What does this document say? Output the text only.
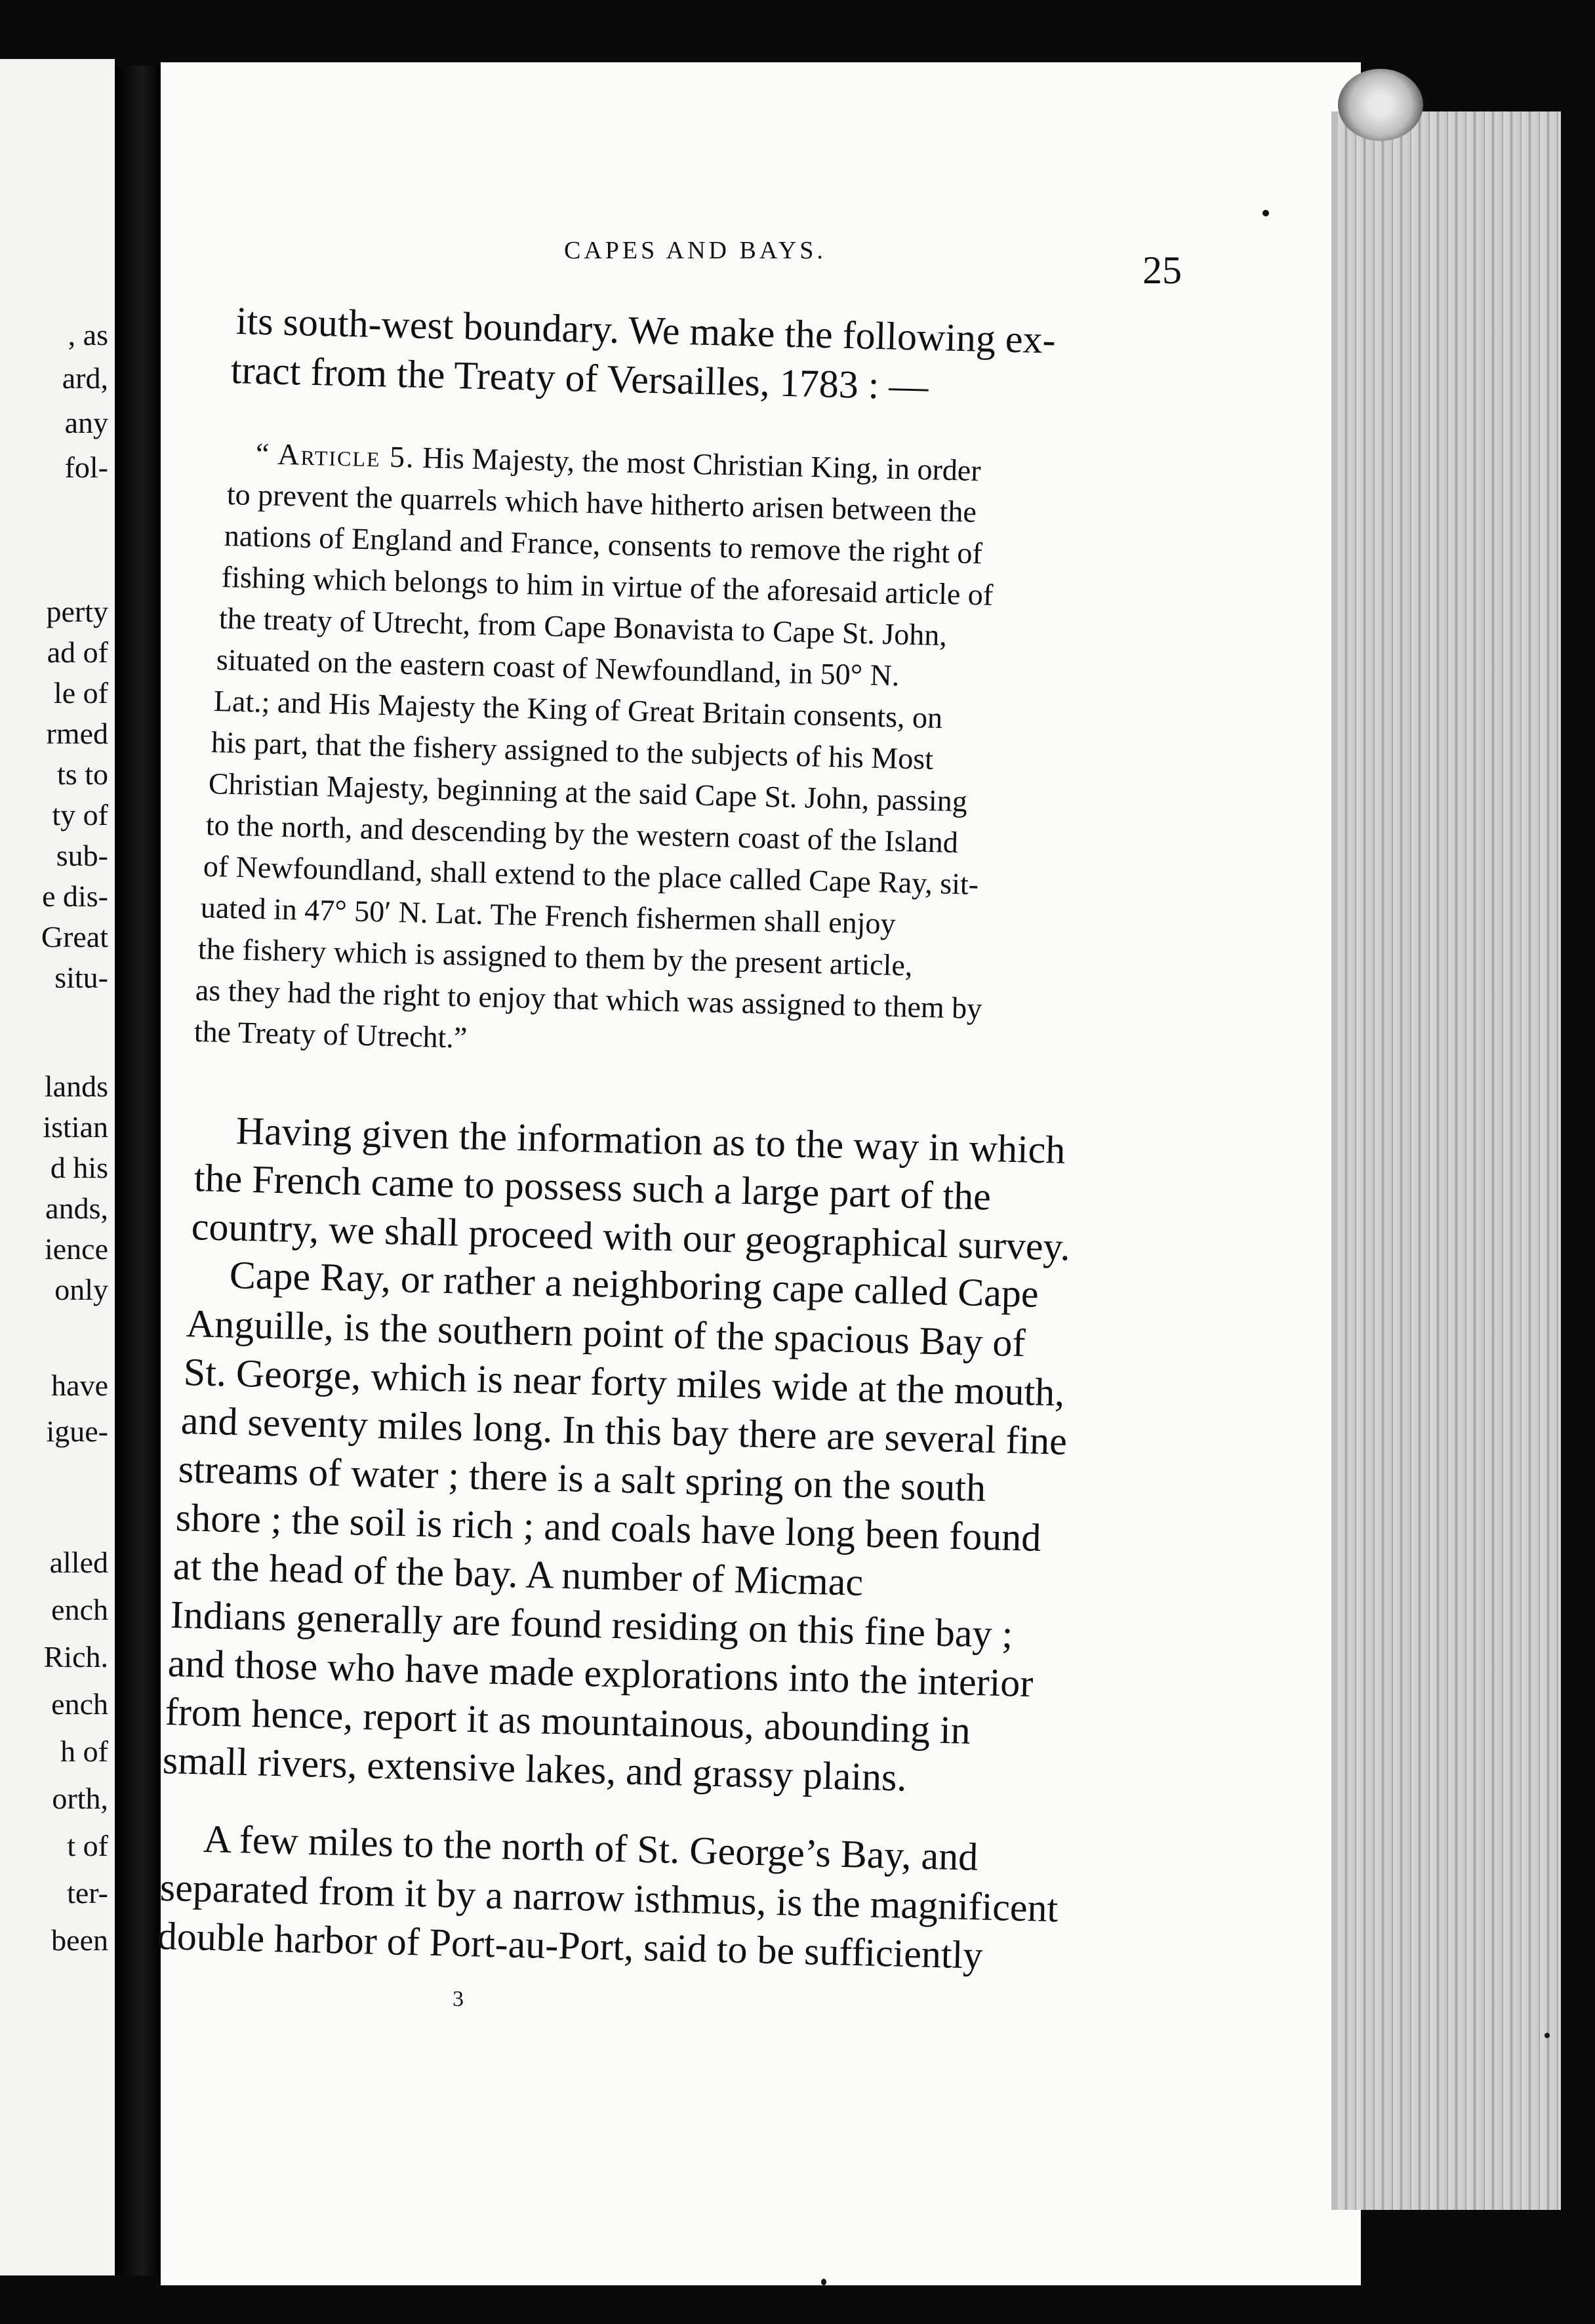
, as
ard,
any
fol-
perty
ad of
le of
rmed
ts to
ty of
sub-
e dis-
Great
situ-
lands
istian
d his
ands,
ience
only
have
igue-
alled
ench
Rich.
ench
h of
orth,
t of
ter-
been
CAPES AND BAYS.	25
its south-west boundary. We make the following ex-
tract from the Treaty of Versailles, 1783 : —
“ Article 5. His Majesty, the most Christian King, in order
to prevent the quarrels which have hitherto arisen between the
nations of England and France, consents to remove the right of
fishing which belongs to him in virtue of the aforesaid article of
the treaty of Utrecht, from Cape Bonavista to Cape St. John,
situated on the eastern coast of Newfoundland, in 50° N.
Lat.; and His Majesty the King of Great Britain consents, on
his part, that the fishery assigned to the subjects of his Most
Christian Majesty, beginning at the said Cape St. John, passing
to the north, and descending by the western coast of the Island
of Newfoundland, shall extend to the place called Cape Ray, sit-
uated in 47° 50′ N. Lat. The French fishermen shall enjoy
the fishery which is assigned to them by the present article,
as they had the right to enjoy that which was assigned to them by
the Treaty of Utrecht.”
Having given the information as to the way in which
the French came to possess such a large part of the
country, we shall proceed with our geographical survey.
Cape Ray, or rather a neighboring cape called Cape
Anguille, is the southern point of the spacious Bay of
St. George, which is near forty miles wide at the mouth,
and seventy miles long. In this bay there are several fine
streams of water ; there is a salt spring on the south
shore ; the soil is rich ; and coals have long been found
at the head of the bay. A number of Micmac
Indians generally are found residing on this fine bay ;
and those who have made explorations into the interior
from hence, report it as mountainous, abounding in
small rivers, extensive lakes, and grassy plains.
A few miles to the north of St. George’s Bay, and
separated from it by a narrow isthmus, is the magnificent
double harbor of Port-au-Port, said to be sufficiently
3
